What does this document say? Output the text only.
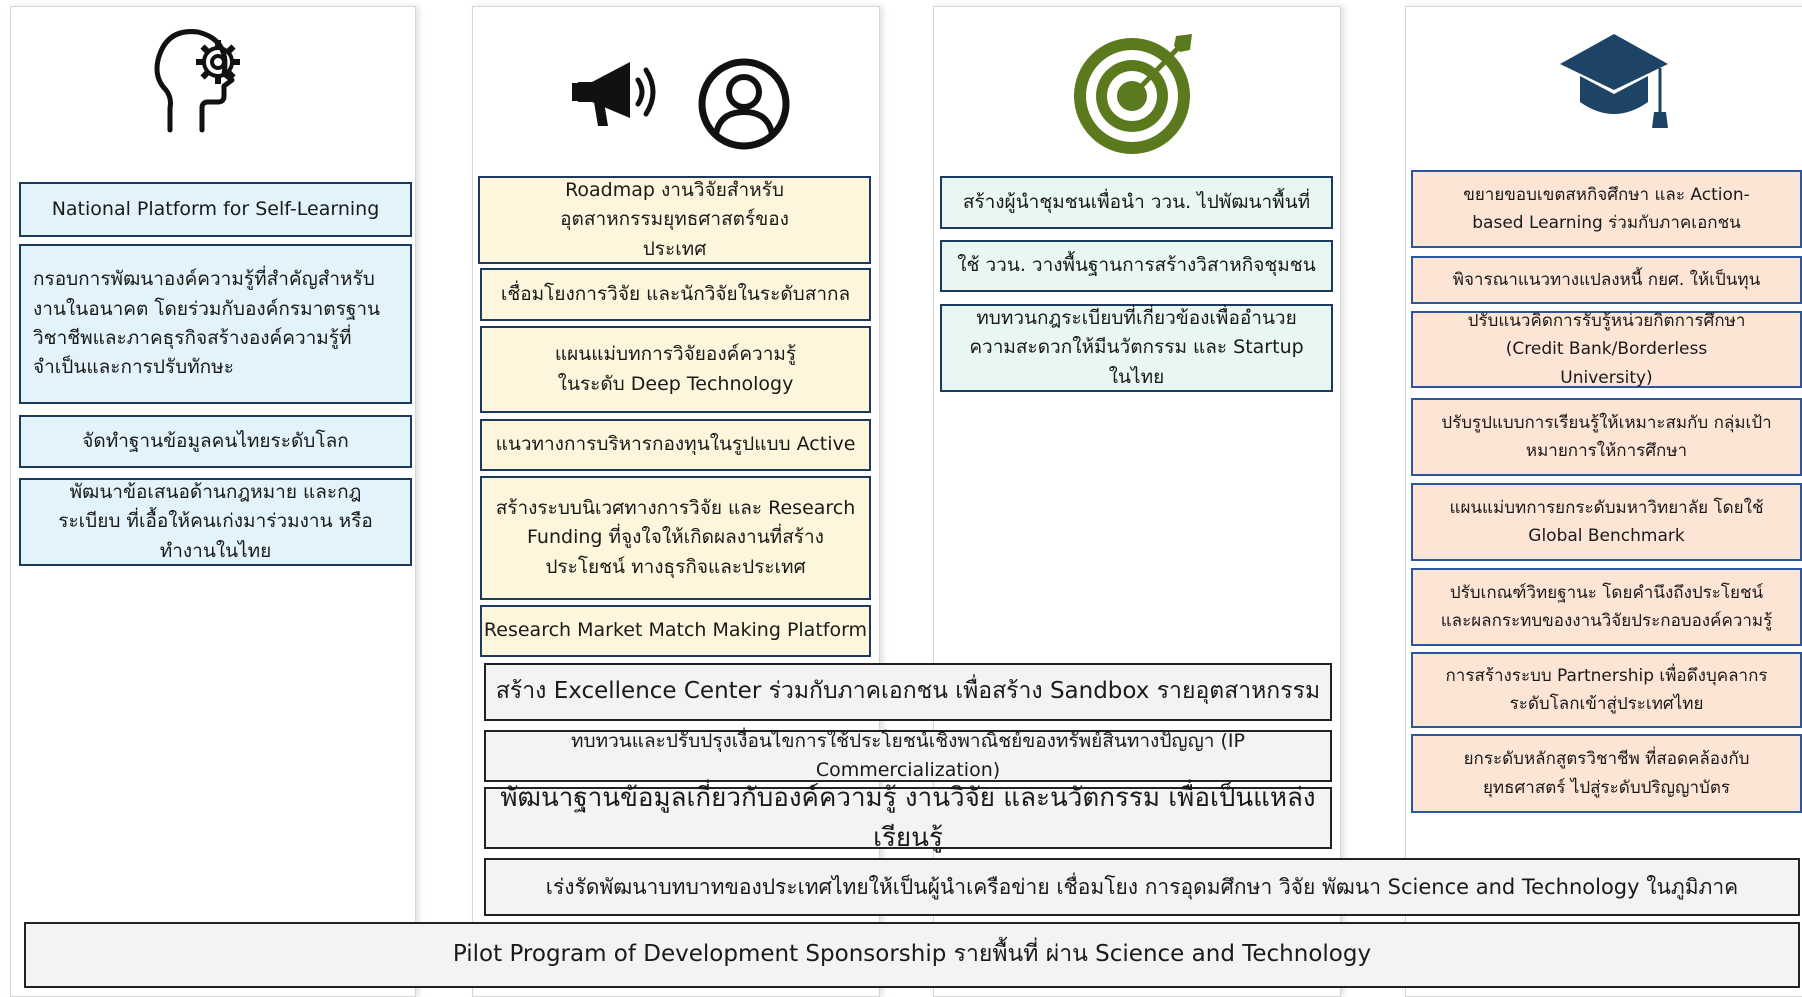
National Platform for Self-Learning
กรอบการพัฒนาองค์ความรู้ที่สำคัญสำหรับงานในอนาคต โดยร่วมกับองค์กรมาตรฐานวิชาชีพและภาคธุรกิจสร้างองค์ความรู้ที่จำเป็นและการปรับทักษะ
จัดทำฐานข้อมูลคนไทยระดับโลก
พัฒนาข้อเสนอด้านกฎหมาย และกฎระเบียบ ที่เอื้อให้คนเก่งมาร่วมงาน หรือทำงานในไทย
Roadmap งานวิจัยสำหรับ อุตสาหกรรมยุทธศาสตร์ของประเทศ
เชื่อมโยงการวิจัย และนักวิจัยในระดับสากล
แผนแม่บทการวิจัยองค์ความรู้ ในระดับ Deep Technology
แนวทางการบริหารกองทุนในรูปแบบ Active
สร้างระบบนิเวศทางการวิจัย และ Research Funding ที่จูงใจให้เกิดผลงานที่สร้างประโยชน์ ทางธุรกิจและประเทศ
Research Market Match Making Platform
สร้างผู้นำชุมชนเพื่อนำ ววน. ไปพัฒนาพื้นที่
ใช้ ววน. วางพื้นฐานการสร้างวิสาหกิจชุมชน
ทบทวนกฎระเบียบที่เกี่ยวข้องเพื่ออำนวยความสะดวกให้มีนวัตกรรม และ Startup ในไทย
ขยายขอบเขตสหกิจศึกษา และ Action-based Learning ร่วมกับภาคเอกชน
พิจารณาแนวทางแปลงหนี้ กยศ. ให้เป็นทุน
ปรับแนวคิดการรับรู้หน่วยกิตการศึกษา (Credit Bank/Borderless University)
ปรับรูปแบบการเรียนรู้ให้เหมาะสมกับ กลุ่มเป้าหมายการให้การศึกษา
แผนแม่บทการยกระดับมหาวิทยาลัย โดยใช้ Global Benchmark
ปรับเกณฑ์วิทยฐานะ โดยคำนึงถึงประโยชน์และผลกระทบของงานวิจัยประกอบองค์ความรู้
การสร้างระบบ Partnership เพื่อดึงบุคลากรระดับโลกเข้าสู่ประเทศไทย
ยกระดับหลักสูตรวิชาชีพ ที่สอดคล้องกับยุทธศาสตร์ ไปสู่ระดับปริญญาบัตร
สร้าง Excellence Center ร่วมกับภาคเอกชน เพื่อสร้าง Sandbox รายอุตสาหกรรม
ทบทวนและปรับปรุงเงื่อนไขการใช้ประโยชน์เชิงพาณิชย์ของทรัพย์สินทางปัญญา (IP Commercialization)
พัฒนาฐานข้อมูลเกี่ยวกับองค์ความรู้ งานวิจัย และนวัตกรรม เพื่อเป็นแหล่งเรียนรู้
เร่งรัดพัฒนาบทบาทของประเทศไทยให้เป็นผู้นำเครือข่าย เชื่อมโยง การอุดมศึกษา วิจัย พัฒนา Science and Technology ในภูมิภาค
Pilot Program of Development Sponsorship รายพื้นที่ ผ่าน Science and Technology
